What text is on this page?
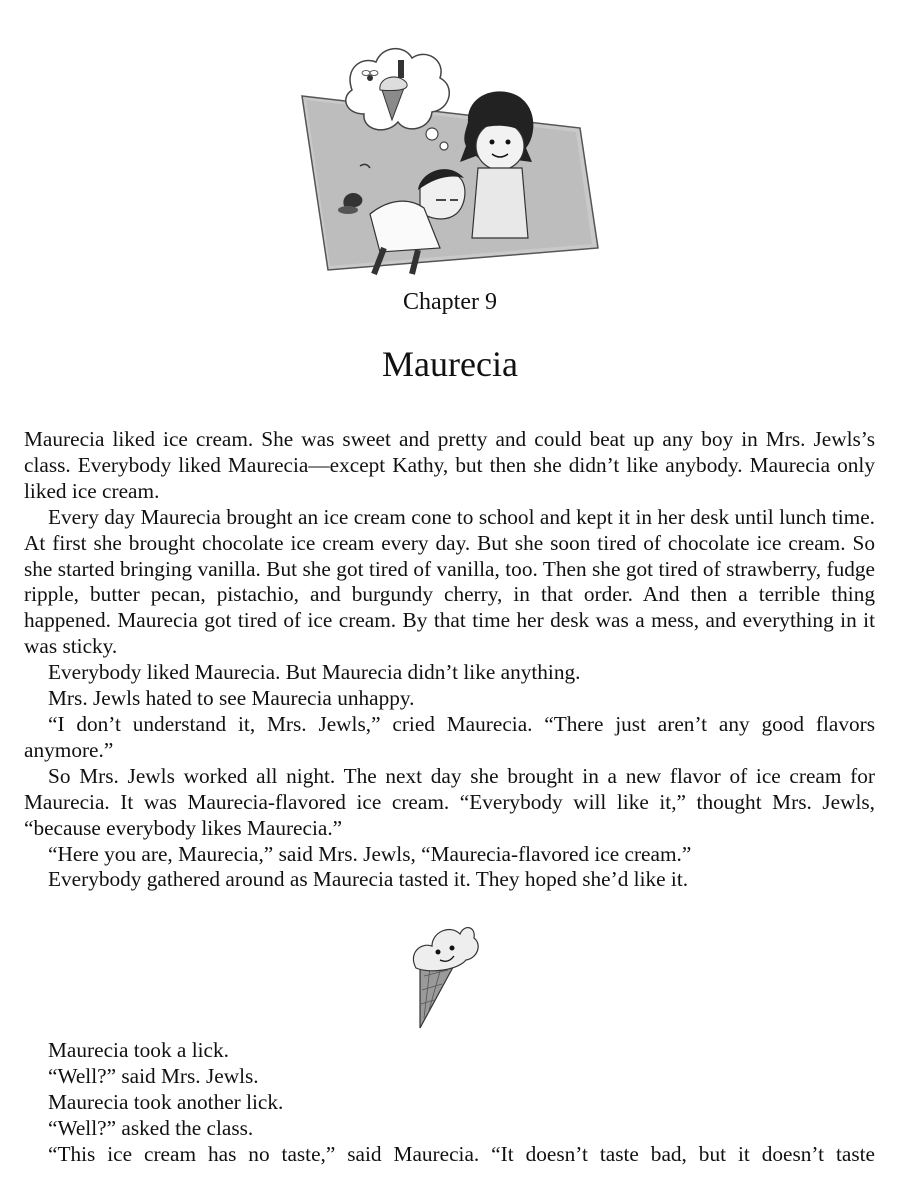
Chapter 9
Maurecia

Maurecia liked ice cream. She was sweet and pretty and could beat up any boy in Mrs. Jewls’s class. Everybody liked Maurecia—except Kathy, but then she didn’t like anybody. Maurecia only liked ice cream.

Every day Maurecia brought an ice cream cone to school and kept it in her desk until lunch time. At first she brought chocolate ice cream every day. But she soon tired of chocolate ice cream. So she started bringing vanilla. But she got tired of vanilla, too. Then she got tired of strawberry, fudge ripple, butter pecan, pistachio, and burgundy cherry, in that order. And then a terrible thing happened. Maurecia got tired of ice cream. By that time her desk was a mess, and everything in it was sticky.

Everybody liked Maurecia. But Maurecia didn’t like anything.

Mrs. Jewls hated to see Maurecia unhappy.

“I don’t understand it, Mrs. Jewls,” cried Maurecia. “There just aren’t any good flavors anymore.”

So Mrs. Jewls worked all night. The next day she brought in a new flavor of ice cream for Maurecia. It was Maurecia-flavored ice cream. “Everybody will like it,” thought Mrs. Jewls, “because everybody likes Maurecia.”

“Here you are, Maurecia,” said Mrs. Jewls, “Maurecia-flavored ice cream.”

Everybody gathered around as Maurecia tasted it. They hoped she’d like it.

Maurecia took a lick.

“Well?” said Mrs. Jewls.

Maurecia took another lick.

“Well?” asked the class.

“This ice cream has no taste,” said Maurecia. “It doesn’t taste bad, but it doesn’t taste
